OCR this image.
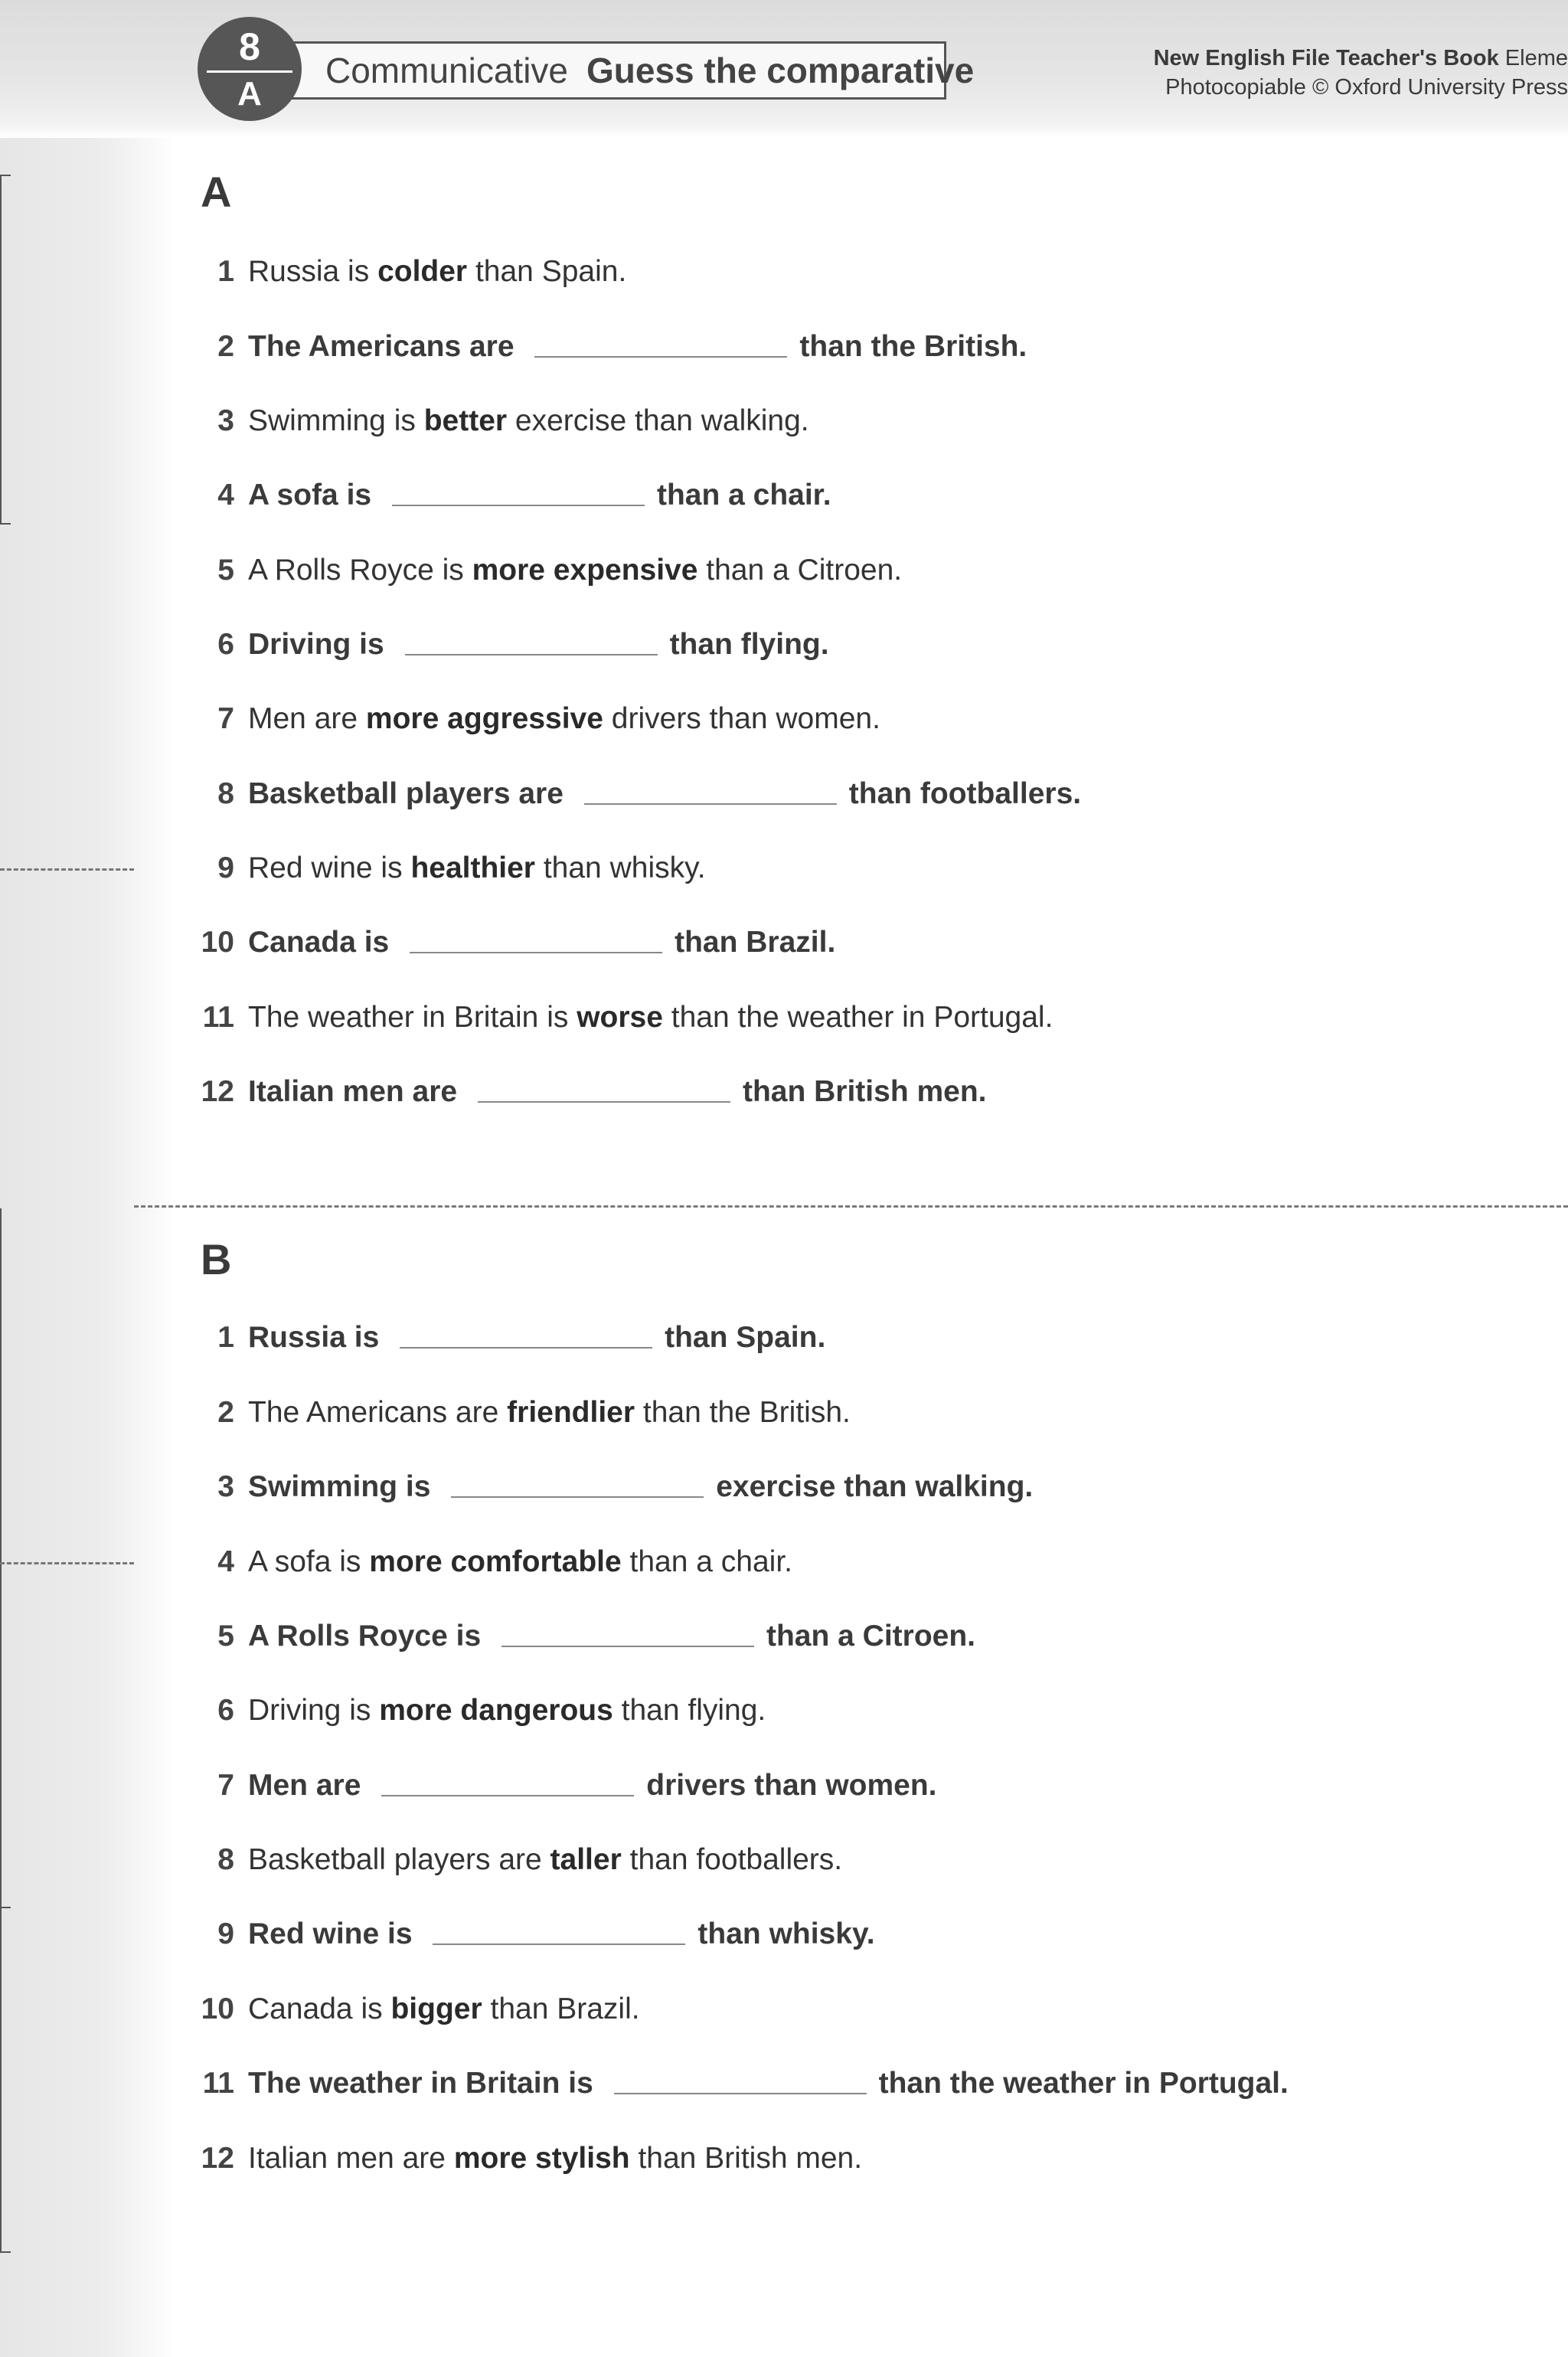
8
A
Communicative Guess the comparative	New English File Teacher's Book Eleme
Photocopiable © Oxford University Press
A
B
1 Russia is colder than Spain.
2 The Americans are	than the British.
3 Swimming is better exercise than walking.
4 A sofa is	than a chair.
5 A Rolls Royce is more expensive than a Citroen.
6 Driving is	than flying.
7 Men are more aggressive drivers than women.
8 Basketball players are	than footballers.
9 Red wine is healthier than whisky.
10 Canada is	than Brazil.
11 The weather in Britain is worse than the weather in Portugal.
12 Italian men are	than British men.
1 Russia is	than Spain.
2 The Americans are friendlier than the British.
3 Swimming is	exercise than walking.
4 A sofa is more comfortable than a chair.
5 A Rolls Royce is	than a Citroen.
6 Driving is more dangerous than flying.
7 Men are	drivers than women.
8 Basketball players are taller than footballers.
9 Red wine is	than whisky.
10 Canada is bigger than Brazil.
11 The weather in Britain is	than the weather in Portugal.
12 Italian men are more stylish than British men.
